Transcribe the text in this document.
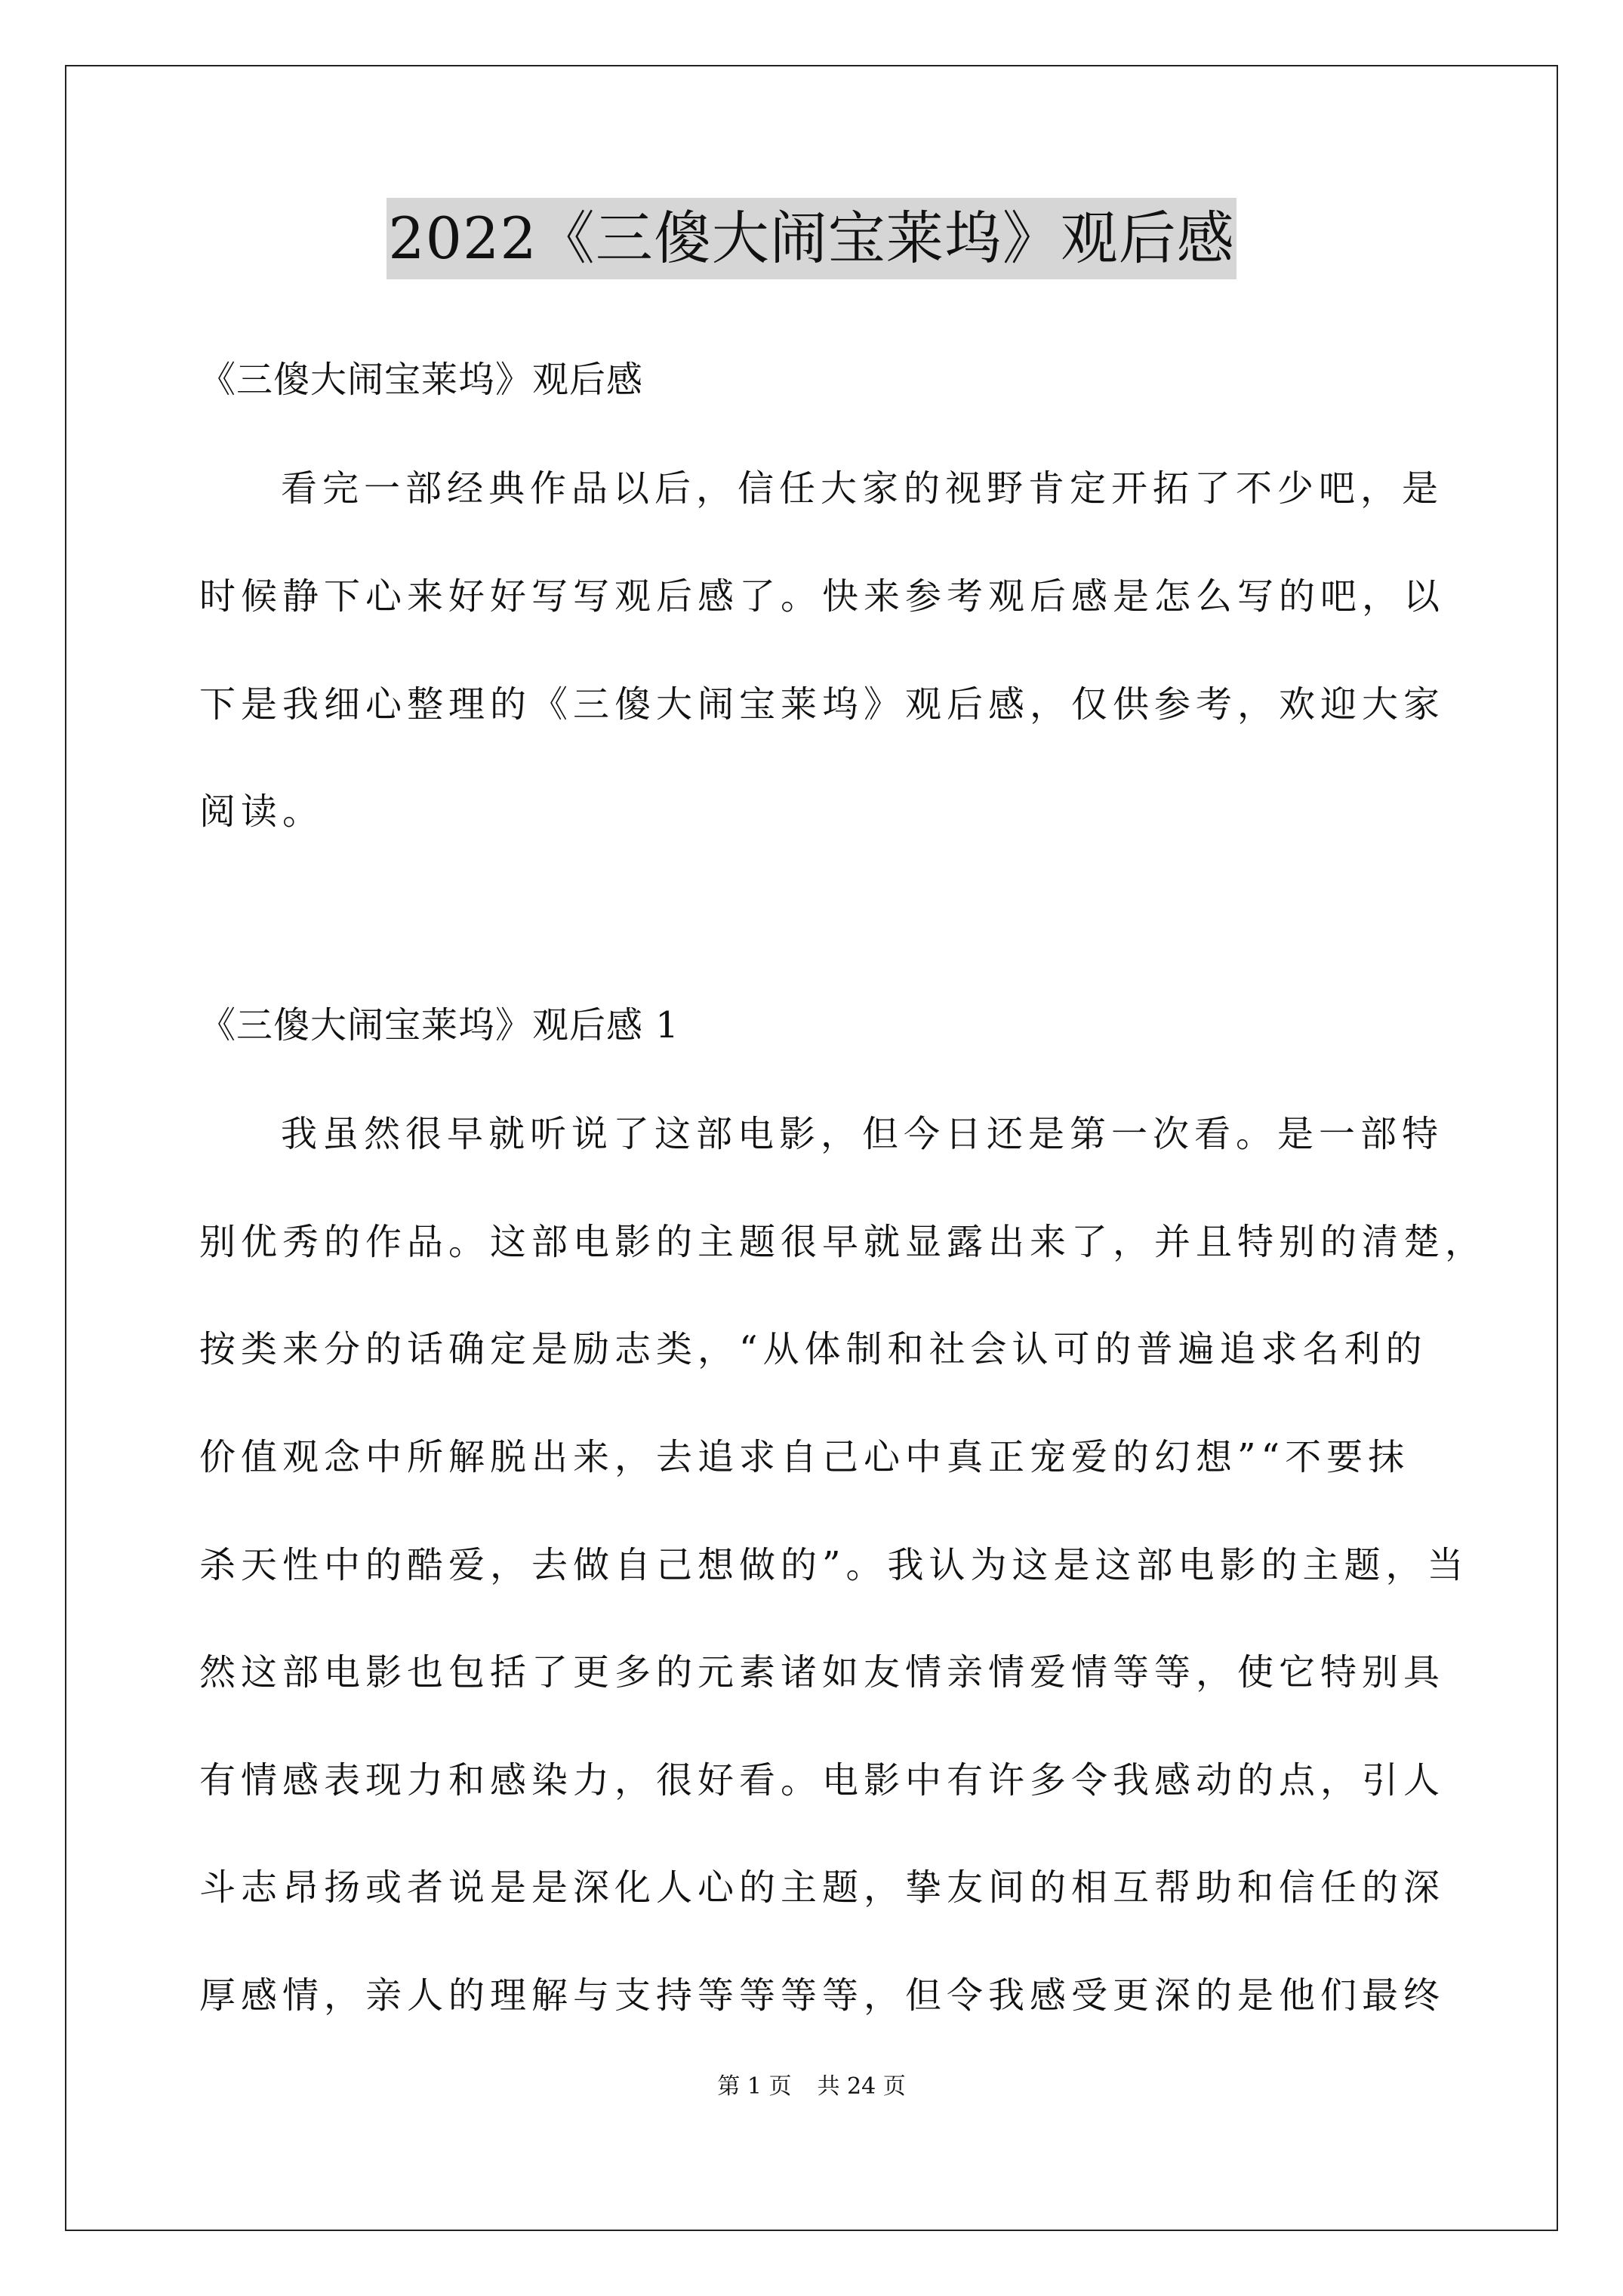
2022《三傻大闹宝莱坞》观后感
《三傻大闹宝莱坞》观后感
看完一部经典作品以后，信任大家的视野肯定开拓了不少吧，是
时候静下心来好好写写观后感了。快来参考观后感是怎么写的吧，以
下是我细心整理的《三傻大闹宝莱坞》观后感，仅供参考，欢迎大家
阅读。
《三傻大闹宝莱坞》观后感 1
我虽然很早就听说了这部电影，但今日还是第一次看。是一部特
别优秀的作品。这部电影的主题很早就显露出来了，并且特别的清楚，
按类来分的话确定是励志类，“从体制和社会认可的普遍追求名利的
价值观念中所解脱出来，去追求自己心中真正宠爱的幻想”“不要抹
杀天性中的酷爱，去做自己想做的”。我认为这是这部电影的主题，当
然这部电影也包括了更多的元素诸如友情亲情爱情等等，使它特别具
有情感表现力和感染力，很好看。电影中有许多令我感动的点，引人
斗志昂扬或者说是是深化人心的主题，挚友间的相互帮助和信任的深
厚感情，亲人的理解与支持等等等等，但令我感受更深的是他们最终
第 1 页 共 24 页
